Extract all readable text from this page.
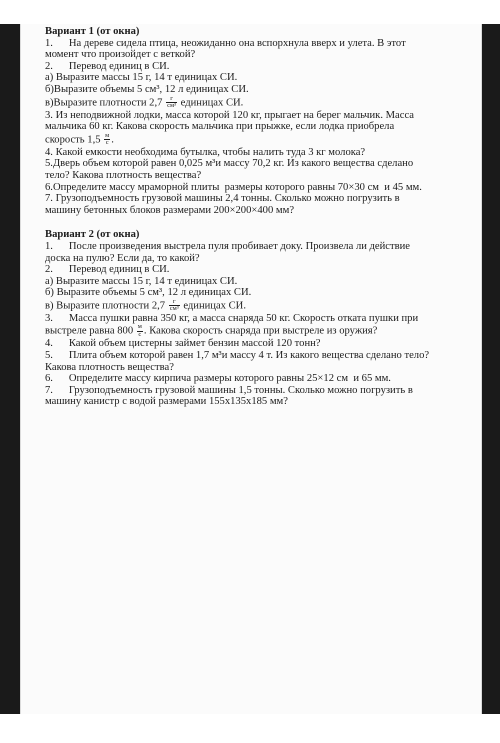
Вариант 1 (от окна)

1.      На дереве сидела птица, неожиданно она вспорхнула вверх и улета. В этот

момент что произойдет с веткой?

2.      Перевод единиц в СИ.

а) Выразите массы 15 г, 14 т единицах СИ.

б)Выразите объемы 5 см³, 12 л единицах СИ.

в)Выразите плотности $2,7 \frac{г}{\text{см³}}$ единицах СИ.

3. Из неподвижной лодки, масса которой 120 кг, прыгает на берег мальчик. Масса

мальчика 60 кг. Какова скорость мальчика при прыжке, если лодка приобрела

скорость $1,5 \frac{м}{с}$ .

4. Какой емкости необходима бутылка, чтобы налить туда 3 кг молока?

5.Дверь объем которой равен 0,025 м³и массу 70,2 кг. Из какого вещества сделано

тело? Какова плотность вещества?

6.Определите массу мраморной плиты  размеры которого равны 70×30 см  и 45 мм.

7. Грузоподъемность грузовой машины 2,4 тонны. Сколько можно погрузить в

машину бетонных блоков размерами 200×200×400 мм?

Вариант 2 (от окна)

1.      После произведения выстрела пуля пробивает доку. Произвела ли действие

доска на пулю? Если да, то какой?

2.      Перевод единиц в СИ.

а) Выразите массы 15 г, 14 т единицах СИ.

б) Выразите объемы 5 см³, 12 л единицах СИ.

в) Выразите плотности $2,7 \frac{г}{\text{см³}}$ единицах СИ.

3.      Масса пушки равна 350 кг, а масса снаряда 50 кг. Скорость отката пушки при

выстреле равна $800 \frac{м}{с}$ . Какова скорость снаряда при выстреле из оружия?

4.      Какой объем цистерны займет бензин массой 120 тонн?

5.      Плита объем которой равен 1,7 м³и массу 4 т. Из какого вещества сделано тело?

Какова плотность вещества?

6.      Определите массу кирпича размеры которого равны 25×12 см  и 65 мм.

7.      Грузоподъемность грузовой машины 1,5 тонны. Сколько можно погрузить в

машину канистр с водой размерами 155х135х185 мм?
